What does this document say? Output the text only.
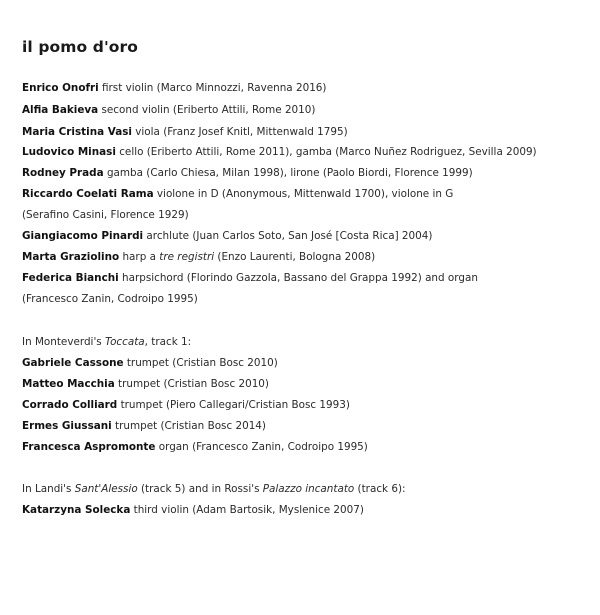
il pomo d'oro
Enrico Onofri first violin (Marco Minnozzi, Ravenna 2016)
Alfia Bakieva second violin (Eriberto Attili, Rome 2010)
Maria Cristina Vasi viola (Franz Josef Knitl, Mittenwald 1795)
Ludovico Minasi cello (Eriberto Attili, Rome 2011), gamba (Marco Nuñez Rodriguez, Sevilla 2009)
Rodney Prada gamba (Carlo Chiesa, Milan 1998), lirone (Paolo Biordi, Florence 1999)
Riccardo Coelati Rama violone in D (Anonymous, Mittenwald 1700), violone in G
(Serafino Casini, Florence 1929)
Giangiacomo Pinardi archlute (Juan Carlos Soto, San José [Costa Rica] 2004)
Marta Graziolino harp a tre registri (Enzo Laurenti, Bologna 2008)
Federica Bianchi harpsichord (Florindo Gazzola, Bassano del Grappa 1992) and organ
(Francesco Zanin, Codroipo 1995)
In Monteverdi's Toccata, track 1:
Gabriele Cassone trumpet (Cristian Bosc 2010)
Matteo Macchia trumpet (Cristian Bosc 2010)
Corrado Colliard trumpet (Piero Callegari/Cristian Bosc 1993)
Ermes Giussani trumpet (Cristian Bosc 2014)
Francesca Aspromonte organ (Francesco Zanin, Codroipo 1995)
In Landi's Sant'Alessio (track 5) and in Rossi's Palazzo incantato (track 6):
Katarzyna Solecka third violin (Adam Bartosik, Myslenice 2007)
